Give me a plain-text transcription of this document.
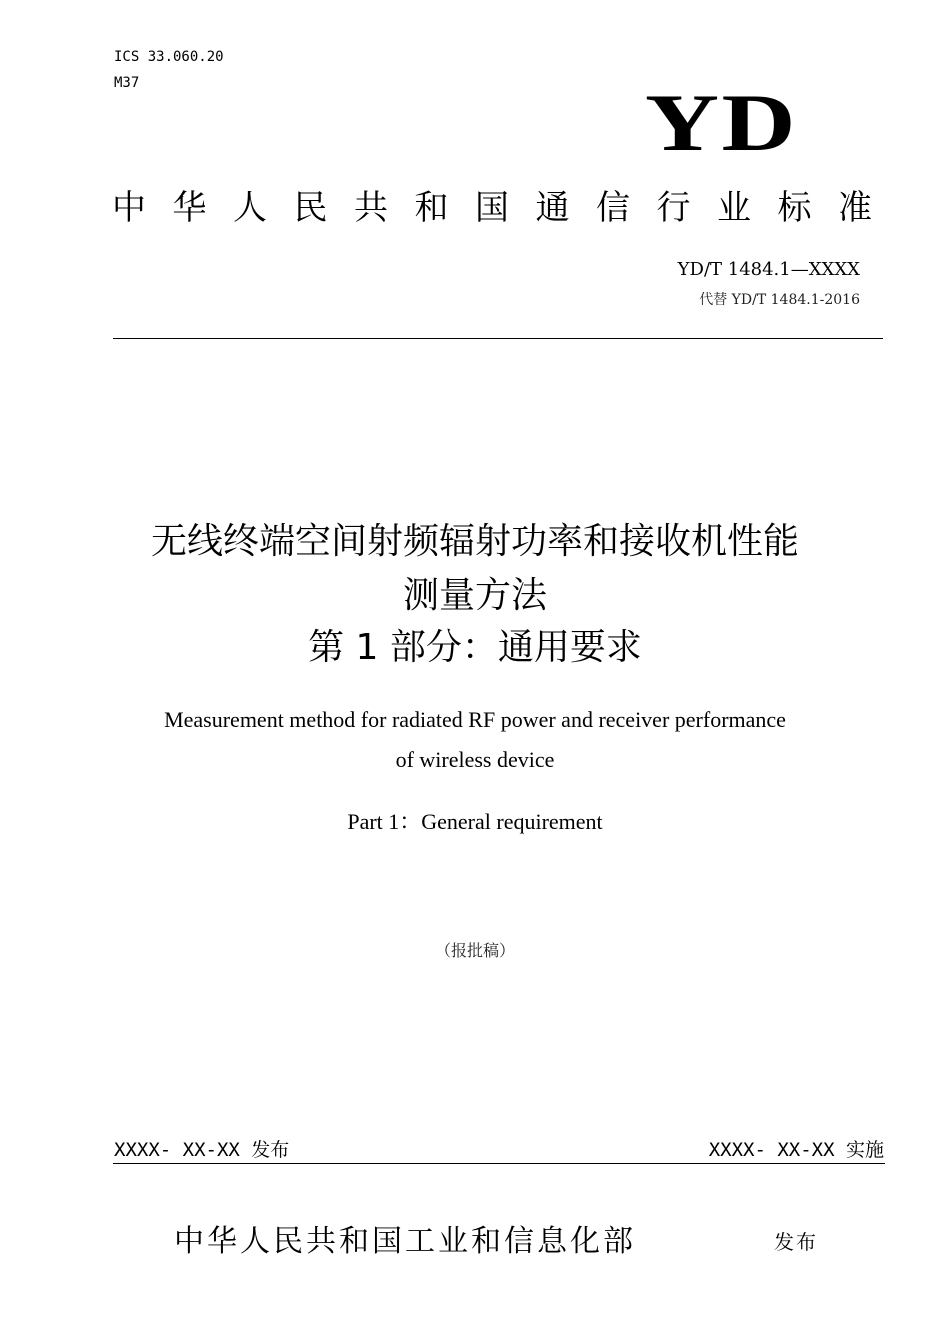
ICS 33.060.20
M37	YD
中华人民共和国通信行业标准
YD/T 1484.1—XXXX
代替 YD/T 1484.1-2016
无线终端空间射频辐射功率和接收机性能
测量方法
第 1 部分：通用要求
Measurement method for radiated RF power and receiver performance
of wireless device
Part 1：General requirement
（报批稿）
XXXX- XX-XX 发布	XXXX- XX-XX 实施
中华人民共和国工业和信息化部	发布
